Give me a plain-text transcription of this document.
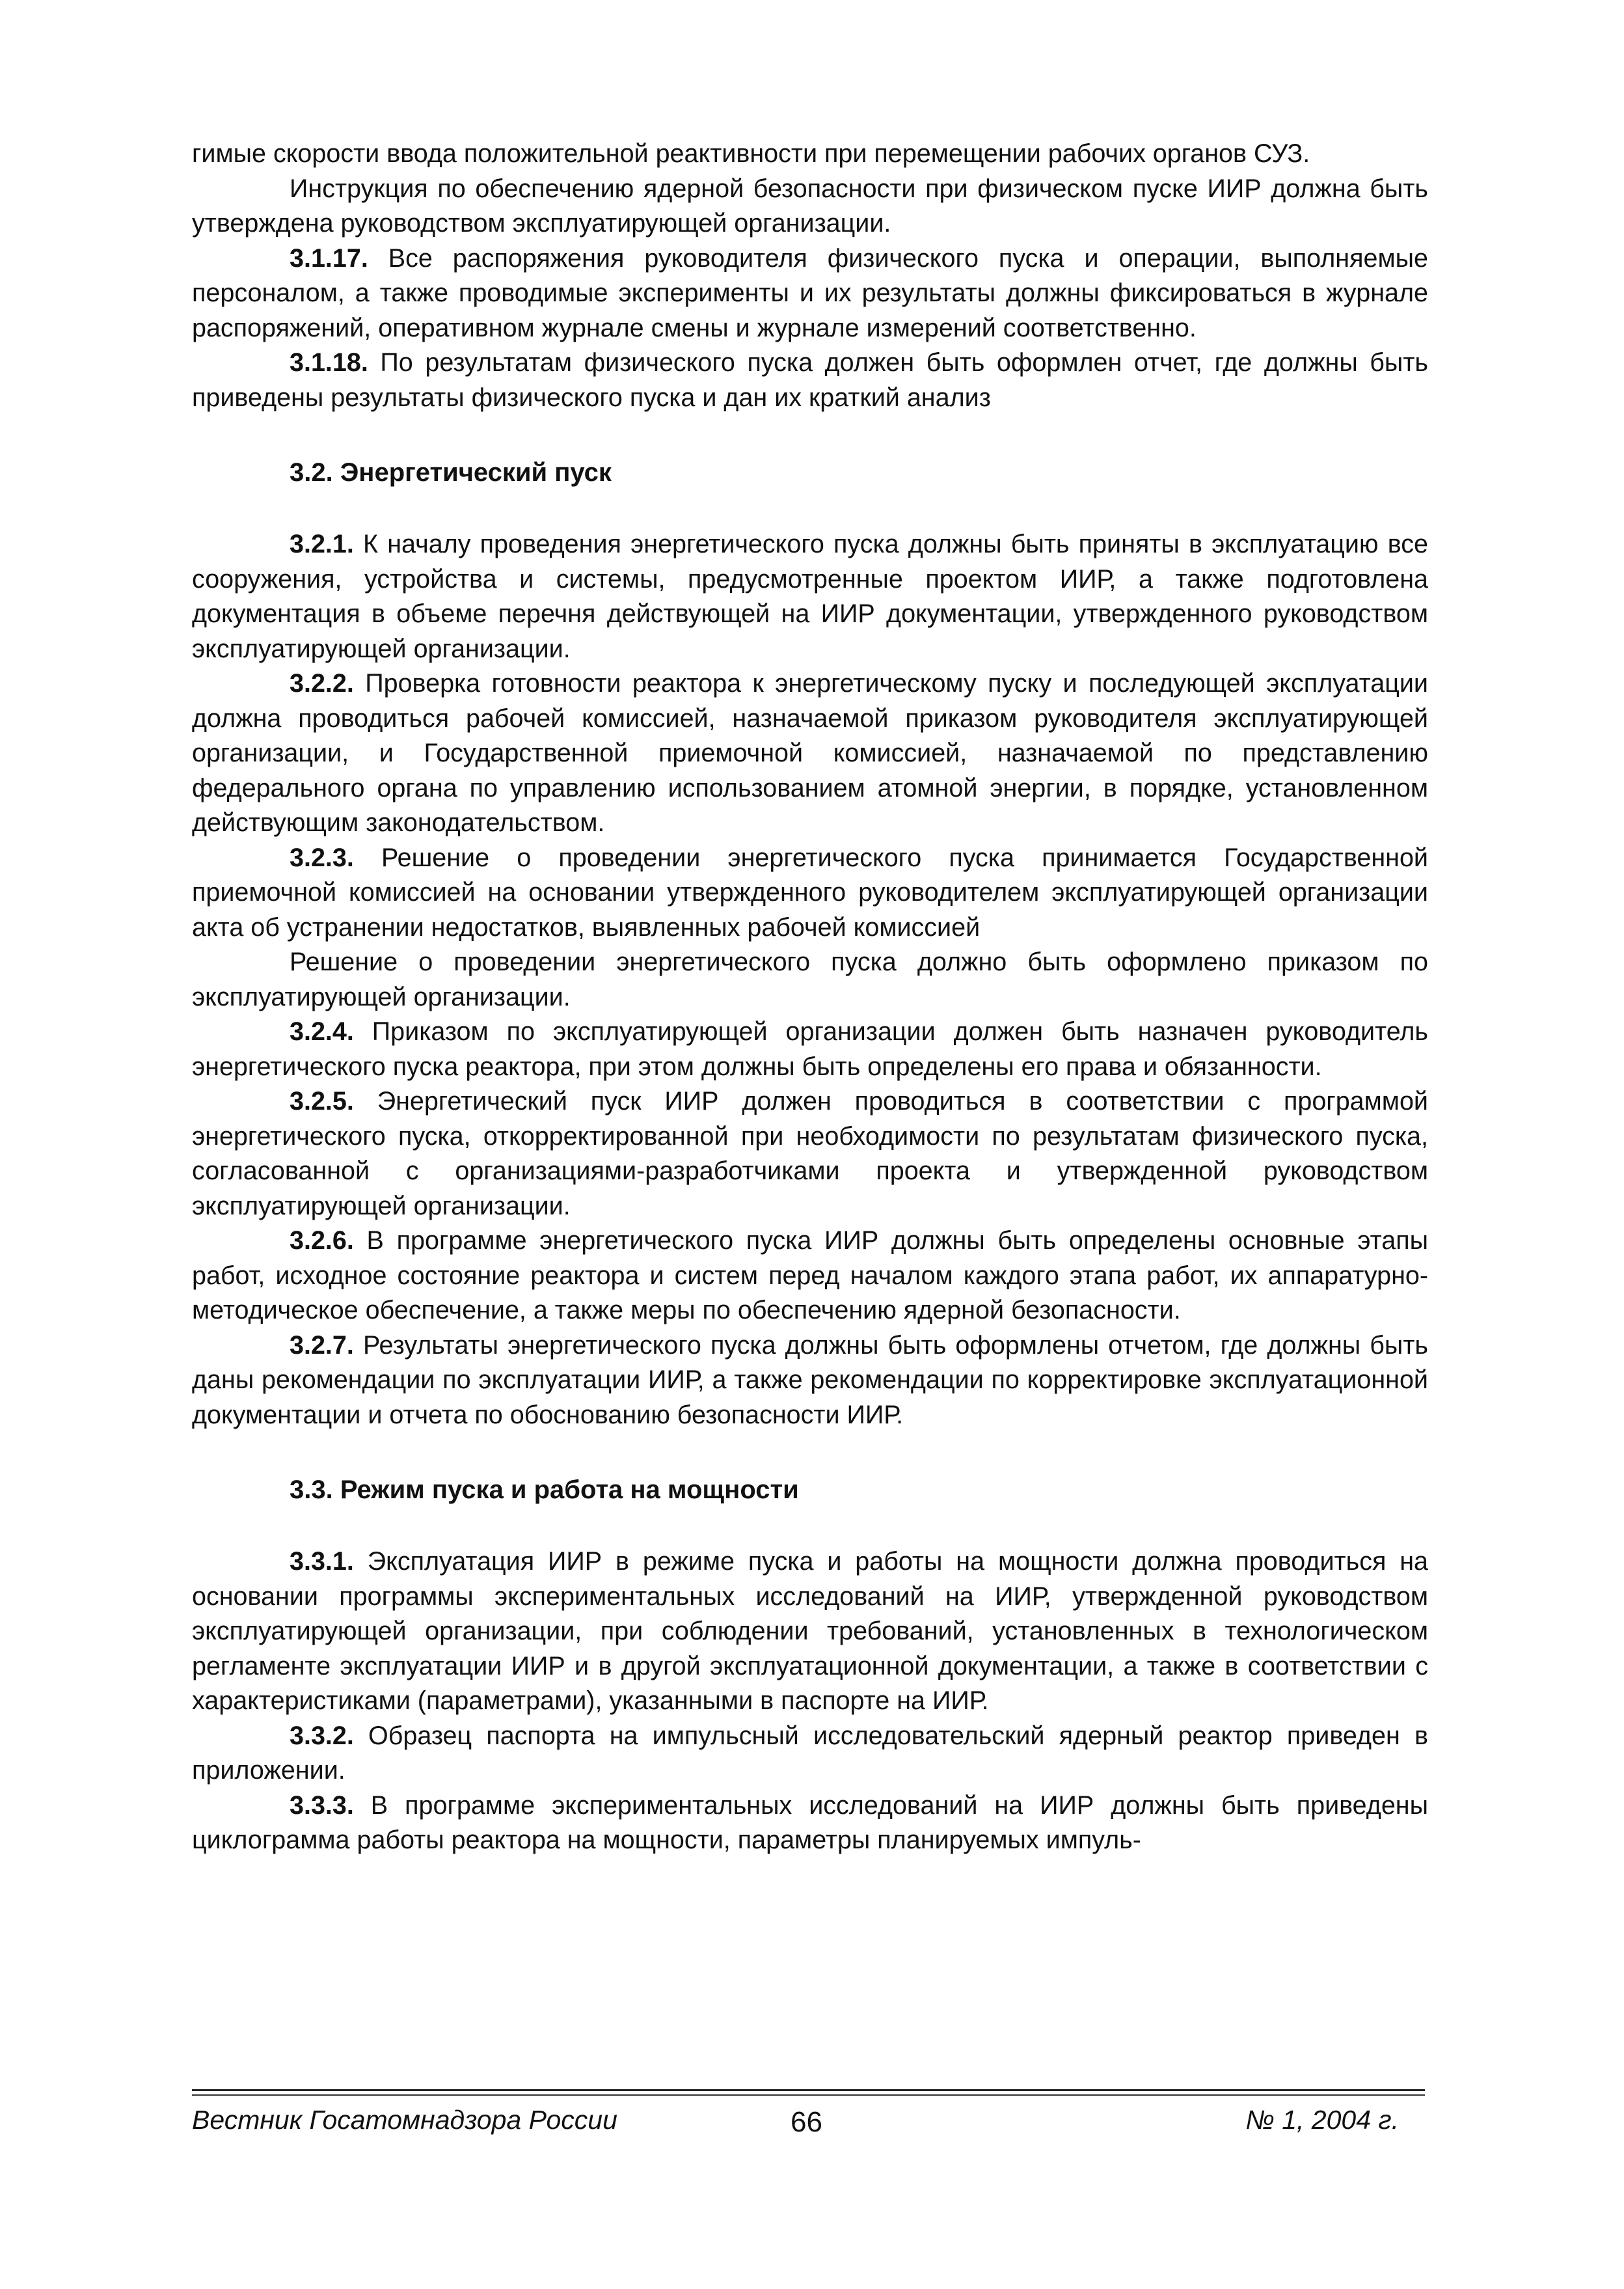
гимые скорости ввода положительной реактивности при перемещении рабочих органов СУЗ.

Инструкция по обеспечению ядерной безопасности при физическом пуске ИИР должна быть утверждена руководством эксплуатирующей организации.

3.1.17. Все распоряжения руководителя физического пуска и операции, выполняемые персоналом, а также проводимые эксперименты и их результаты должны фиксироваться в журнале распоряжений, оперативном журнале смены и журнале измерений соответственно.

3.1.18. По результатам физического пуска должен быть оформлен отчет, где должны быть приведены результаты физического пуска и дан их краткий анализ

3.2. Энергетический пуск

3.2.1. К началу проведения энергетического пуска должны быть приняты в эксплуатацию все сооружения, устройства и системы, предусмотренные проектом ИИР, а также подготовлена документация в объеме перечня действующей на ИИР документации, утвержденного руководством эксплуатирующей организации.

3.2.2. Проверка готовности реактора к энергетическому пуску и последующей эксплуатации должна проводиться рабочей комиссией, назначаемой приказом руководителя эксплуатирующей организации, и Государственной приемочной комиссией, назначаемой по представлению федерального органа по управлению использованием атомной энергии, в порядке, установленном действующим законодательством.

3.2.3. Решение о проведении энергетического пуска принимается Государственной приемочной комиссией на основании утвержденного руководителем эксплуатирующей организации акта об устранении недостатков, выявленных рабочей комиссией

Решение о проведении энергетического пуска должно быть оформлено приказом по эксплуатирующей организации.

3.2.4. Приказом по эксплуатирующей организации должен быть назначен руководитель энергетического пуска реактора, при этом должны быть определены его права и обязанности.

3.2.5. Энергетический пуск ИИР должен проводиться в соответствии с программой энергетического пуска, откорректированной при необходимости по результатам физического пуска, согласованной с организациями-разработчиками проекта и утвержденной руководством эксплуатирующей организации.

3.2.6. В программе энергетического пуска ИИР должны быть определены основные этапы работ, исходное состояние реактора и систем перед началом каждого этапа работ, их аппаратурно-методическое обеспечение, а также меры по обеспечению ядерной безопасности.

3.2.7. Результаты энергетического пуска должны быть оформлены отчетом, где должны быть даны рекомендации по эксплуатации ИИР, а также рекомендации по корректировке эксплуатационной документации и отчета по обоснованию безопасности ИИР.

3.3. Режим пуска и работа на мощности

3.3.1. Эксплуатация ИИР в режиме пуска и работы на мощности должна проводиться на основании программы экспериментальных исследований на ИИР, утвержденной руководством эксплуатирующей организации, при соблюдении требований, установленных в технологическом регламенте эксплуатации ИИР и в другой эксплуатационной документации, а также в соответствии с характеристиками (параметрами), указанными в паспорте на ИИР.

3.3.2. Образец паспорта на импульсный исследовательский ядерный реактор приведен в приложении.

3.3.3. В программе экспериментальных исследований на ИИР должны быть приведены циклограмма работы реактора на мощности, параметры планируемых импуль-

Вестник Госатомнадзора России	66	№ 1, 2004 г.
